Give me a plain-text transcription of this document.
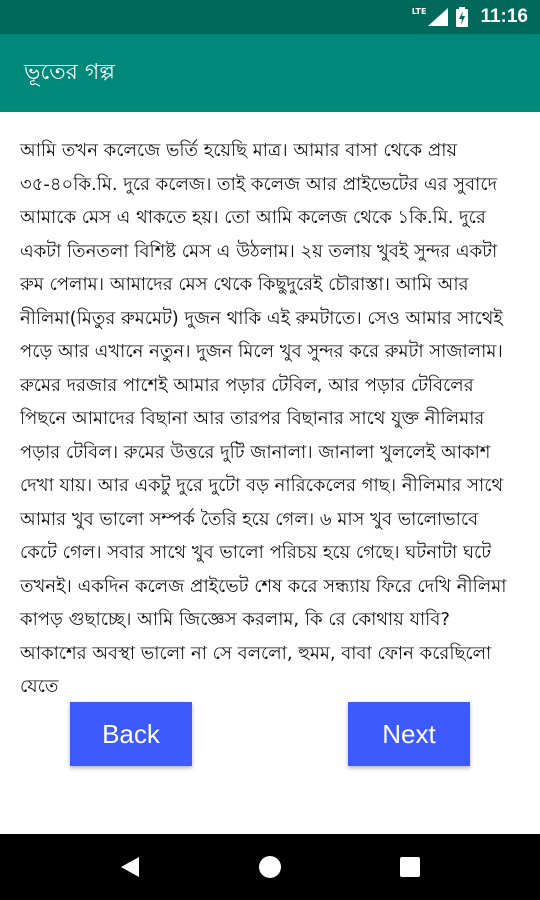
LTE	11:16
ভূতের গল্প

আমি তখন কলেজে ভর্তি হয়েছি মাত্র। আমার বাসা থেকে প্রায় ৩৫-৪০কি.মি. দুরে কলেজ। তাই কলেজ আর প্রাইভেটের এর সুবাদে আমাকে মেস এ থাকতে হয়। তো আমি কলেজ থেকে ১কি.মি. দুরে একটা তিনতলা বিশিষ্ট মেস এ উঠলাম। ২য় তলায় খুবই সুন্দর একটা রুম পেলাম। আমাদের মেস থেকে কিছুদুরেই চৌরাস্তা। আমি আর নীলিমা(মিতুর রুমমেট) দুজন থাকি এই রুমটাতে। সেও আমার সাথেই পড়ে আর এখানে নতুন। দুজন মিলে খুব সুন্দর করে রুমটা সাজালাম। রুমের দরজার পাশেই আমার পড়ার টেবিল, আর পড়ার টেবিলের পিছনে আমাদের বিছানা আর তারপর বিছানার সাথে যুক্ত নীলিমার পড়ার টেবিল। রুমের উত্তরে দুটি জানালা। জানালা খুললেই আকাশ দেখা যায়। আর একটু দুরে দুটো বড় নারিকেলের গাছ। নীলিমার সাথে আমার খুব ভালো সম্পর্ক তৈরি হয়ে গেল। ৬ মাস খুব ভালোভাবে কেটে গেল। সবার সাথে খুব ভালো পরিচয় হয়ে গেছে। ঘটনাটা ঘটে তখনই। একদিন কলেজ প্রাইভেট শেষ করে সন্ধ্যায় ফিরে দেখি নীলিমা কাপড় গুছাচ্ছে। আমি জিজ্ঞেস করলাম, কি রে কোথায় যাবি? আকাশের অবস্থা ভালো না সে বললো, হুমম, বাবা ফোন করেছিলো যেতে

Back	Next
